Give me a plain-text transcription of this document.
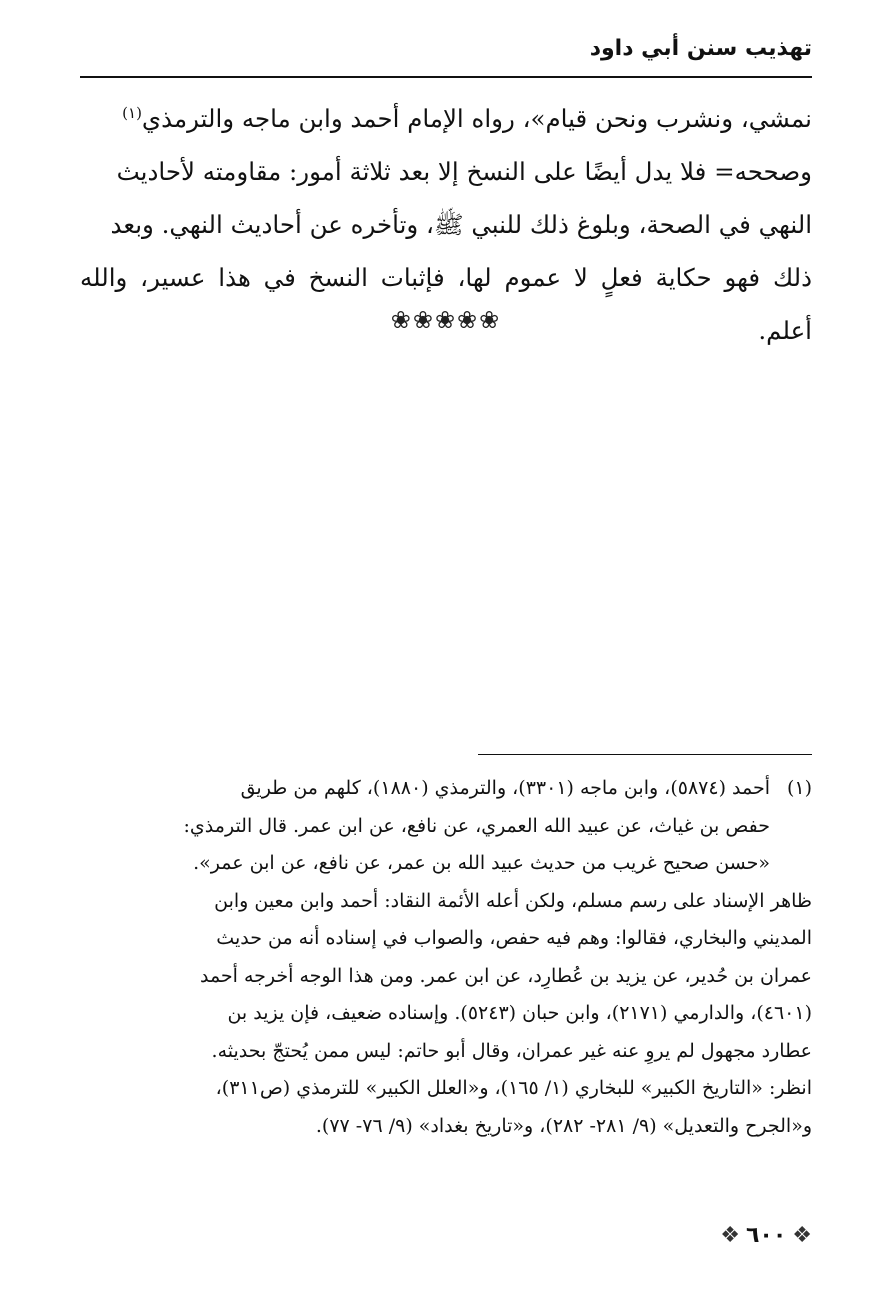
تهذيب سنن أبي داود

نمشي، ونشرب ونحن قيام»، رواه الإمام أحمد وابن ماجه والترمذي$^{(١)}$

وصححه= فلا يدل أيضًا على النسخ إلا بعد ثلاثة أمور: مقاومته لأحاديث

النهي في الصحة، وبلوغ ذلك للنبي ﷺ، وتأخره عن أحاديث النهي. وبعد

ذلك فهو حكاية فعلٍ لا عموم لها، فإثبات النسخ في هذا عسير، والله أعلم.

❀❀❀❀❀
(١)أحمد (٥٨٧٤)، وابن ماجه (٣٣٠١)، والترمذي (١٨٨٠)، كلهم من طريق
حفص بن غياث، عن عبيد الله العمري، عن نافع، عن ابن عمر. قال الترمذي:
«حسن صحيح غريب من حديث عبيد الله بن عمر، عن نافع، عن ابن عمر».
ظاهر الإسناد على رسم مسلم، ولكن أعله الأئمة النقاد: أحمد وابن معين وابن
المديني والبخاري، فقالوا: وهم فيه حفص، والصواب في إسناده أنه من حديث
عمران بن حُدير، عن يزيد بن عُطارِد، عن ابن عمر. ومن هذا الوجه أخرجه أحمد
(٤٦٠١)، والدارمي (٢١٧١)، وابن حبان (٥٢٤٣). وإسناده ضعيف، فإن يزيد بن
عطارد مجهول لم يروِ عنه غير عمران، وقال أبو حاتم: ليس ممن يُحتجّ بحديثه.
انظر: «التاريخ الكبير» للبخاري (١/ ١٦٥)، و«العلل الكبير» للترمذي (ص٣١١)،
و«الجرح والتعديل» (٩/ ٢٨١- ٢٨٢)، و«تاريخ بغداد» (٩/ ٧٦- ٧٧).
❖٦٠٠❖
